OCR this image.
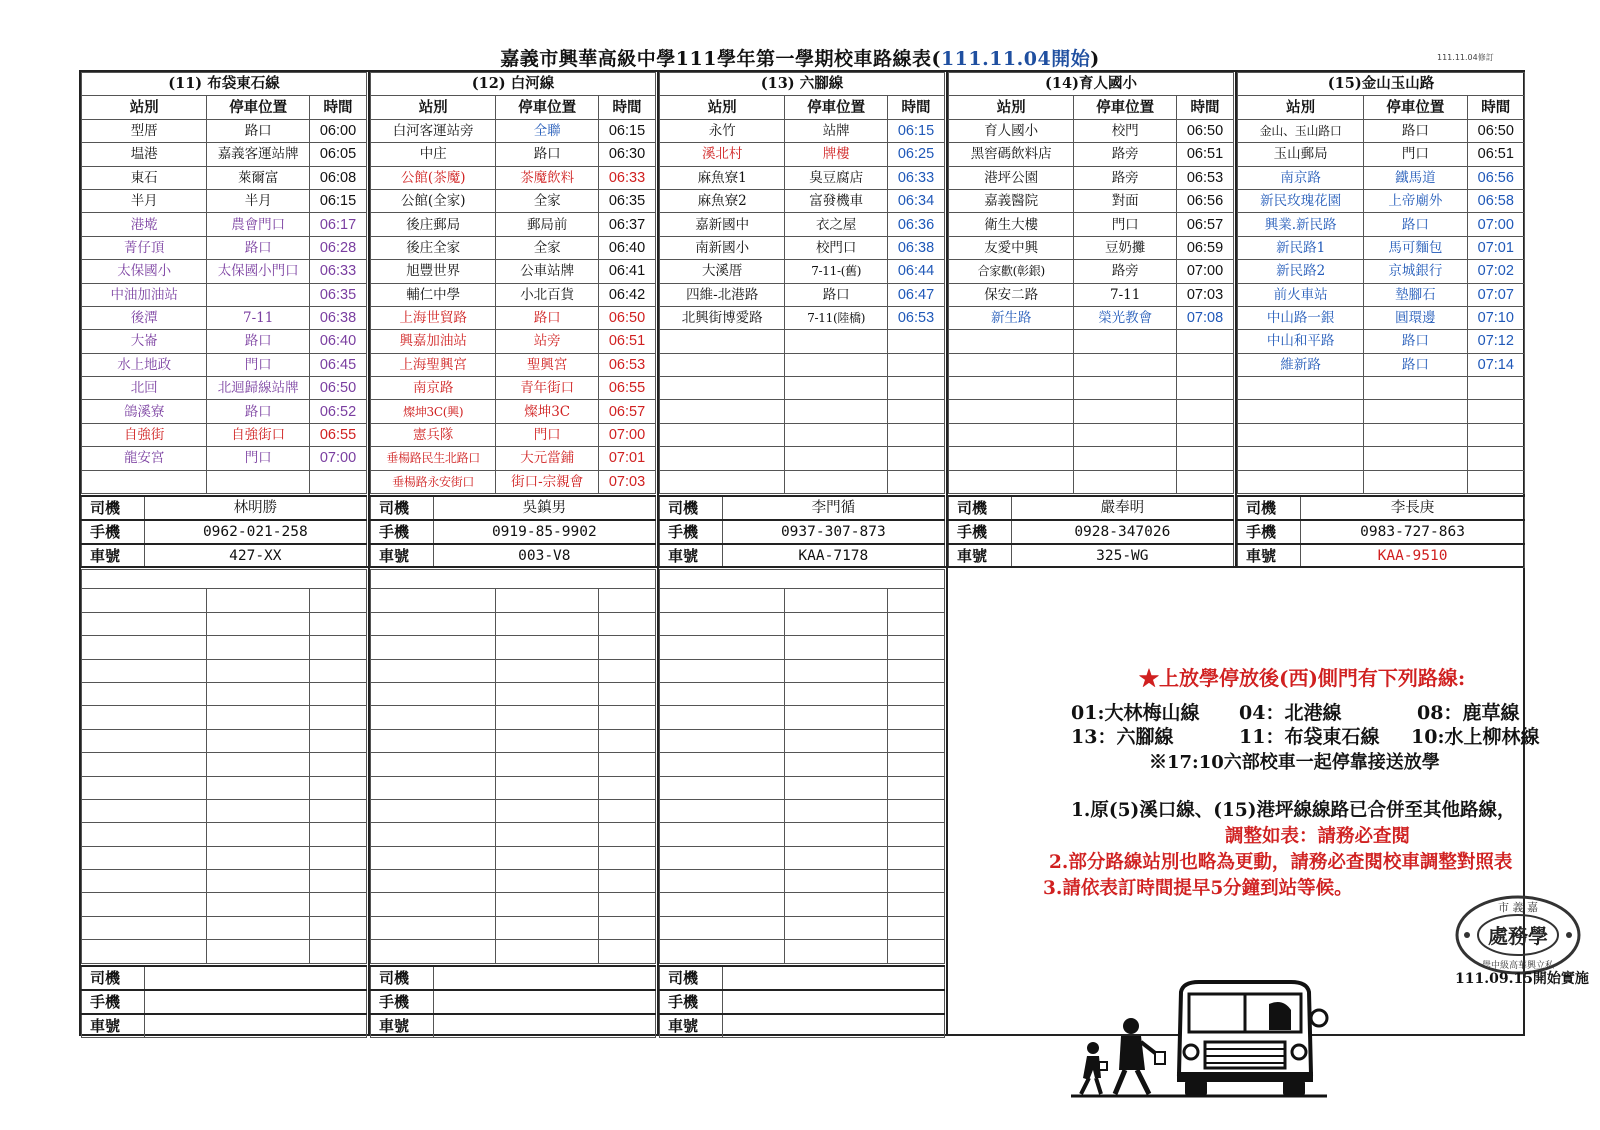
嘉義市興華高級中學111學年第一學期校車路線表(111.11.04開始)	111.11.04修訂
(11) 布袋東石線		
站別	停車位置	時間
型厝	路口	06:00
塭港	嘉義客運站牌	06:05
東石	萊爾富	06:08
半月	半月	06:15
港墘	農會門口	06:17
菁仔頂	路口	06:28
太保國小	太保國小門口	06:33
中油加油站		06:35
後潭	7-11	06:38
大崙	路口	06:40
水上地政	門口	06:45
北回	北迴歸線站牌	06:50
鴿溪寮	路口	06:52
自強街	自強街口	06:55
龍安宮	門口	07:00

司機	林明勝
手機	0962-021-258
車號	427-XX
(12) 白河線		
站別	停車位置	時間
白河客運站旁	全聯	06:15
中庄	路口	06:30
公館(茶魔)	茶魔飲料	06:33
公館(全家)	全家	06:35
後庄郵局	郵局前	06:37
後庄全家	全家	06:40
旭豐世界	公車站牌	06:41
輔仁中學	小北百貨	06:42
上海世貿路	路口	06:50
興嘉加油站	站旁	06:51
上海聖興宮	聖興宮	06:53
南京路	青年街口	06:55
燦坤3C(興)	燦坤3C	06:57
憲兵隊	門口	07:00
垂楊路民生北路口	大元當鋪	07:01
垂楊路永安街口	街口-宗親會	07:03
司機	吳鎮男
手機	0919-85-9902
車號	003-V8
(13) 六腳線		
站別	停車位置	時間
永竹	站牌	06:15
溪北村	牌樓	06:25
麻魚寮1	臭豆腐店	06:33
麻魚寮2	富發機車	06:34
嘉新國中	衣之屋	06:36
南新國小	校門口	06:38
大溪厝	7-11-(舊)	06:44
四維-北港路	路口	06:47
北興街博愛路	7-11(陸橋)	06:53

司機	李門循
手機	0937-307-873
車號	KAA-7178
(14)育人國小		
站別	停車位置	時間
育人國小	校門	06:50
黑窖碼飲料店	路旁	06:51
港坪公園	路旁	06:53
嘉義醫院	對面	06:56
衛生大樓	門口	06:57
友愛中興	豆奶攤	06:59
合家歡(彰銀)	路旁	07:00
保安二路	7-11	07:03
新生路	榮光教會	07:08

司機	嚴奉明
手機	0928-347026
車號	325-WG
(15)金山玉山路		
站別	停車位置	時間
金山、玉山路口	路口	06:50
玉山郵局	門口	06:51
南京路	鐵馬道	06:56
新民玫瑰花園	上帝廟外	06:58
興業.新民路	路口	07:00
新民路1	馬可麵包	07:01
新民路2	京城銀行	07:02
前火車站	墊腳石	07:07
中山路一銀	圓環邊	07:10
中山和平路	路口	07:12
維新路	路口	07:14

司機	李長庚
手機	0983-727-863
車號	KAA-9510

司機	
手機	
車號	

司機	
手機	
車號	

司機	
手機	
車號	
★上放學停放後(西)側門有下列路線:
01:大林梅山線 04：北港線	08：鹿草線
13：六腳線	11：布袋東石線 10:水上柳林線
※17:10六部校車一起停靠接送放學
1.原(5)溪口線、(15)港坪線線路已合併至其他路線，
調整如表：請務必查閱
2.部分路線站別也略為更動，請務必查閱校車調整對照表
3.請依表訂時間提早5分鐘到站等候。
處務學
市 義 嘉
學中級高華興立私
111.09.15開始實施
